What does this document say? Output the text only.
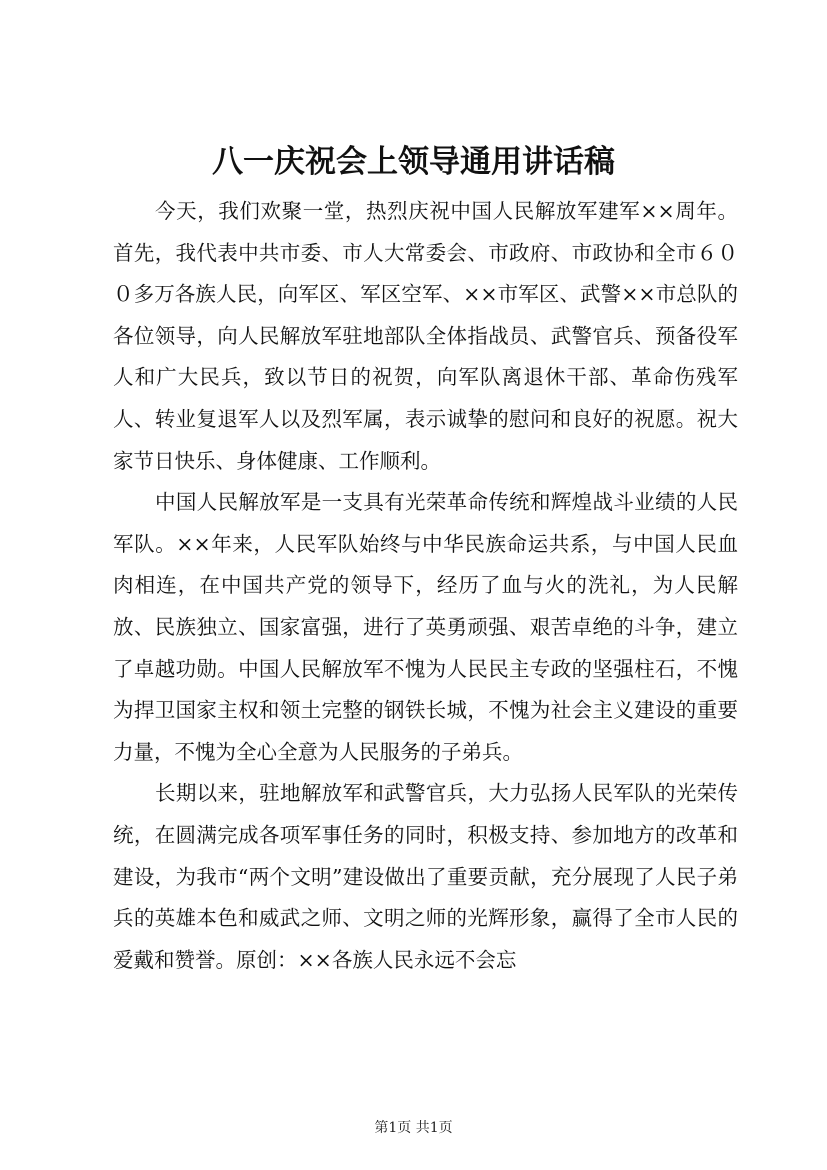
八一庆祝会上领导通用讲话稿

今天，我们欢聚一堂，热烈庆祝中国人民解放军建军××周年。首先，我代表中共市委、市人大常委会、市政府、市政协和全市６００多万各族人民，向军区、军区空军、××市军区、武警××市总队的各位领导，向人民解放军驻地部队全体指战员、武警官兵、预备役军人和广大民兵，致以节日的祝贺，向军队离退休干部、革命伤残军人、转业复退军人以及烈军属，表示诚挚的慰问和良好的祝愿。祝大家节日快乐、身体健康、工作顺利。

中国人民解放军是一支具有光荣革命传统和辉煌战斗业绩的人民军队。××年来，人民军队始终与中华民族命运共系，与中国人民血肉相连，在中国共产党的领导下，经历了血与火的洗礼，为人民解放、民族独立、国家富强，进行了英勇顽强、艰苦卓绝的斗争，建立了卓越功勋。中国人民解放军不愧为人民民主专政的坚强柱石，不愧为捍卫国家主权和领土完整的钢铁长城，不愧为社会主义建设的重要力量，不愧为全心全意为人民服务的子弟兵。

长期以来，驻地解放军和武警官兵，大力弘扬人民军队的光荣传统，在圆满完成各项军事任务的同时，积极支持、参加地方的改革和建设，为我市“两个文明”建设做出了重要贡献，充分展现了人民子弟兵的英雄本色和威武之师、文明之师的光辉形象，赢得了全市人民的爱戴和赞誉。原创：××各族人民永远不会忘

第1页 共1页
